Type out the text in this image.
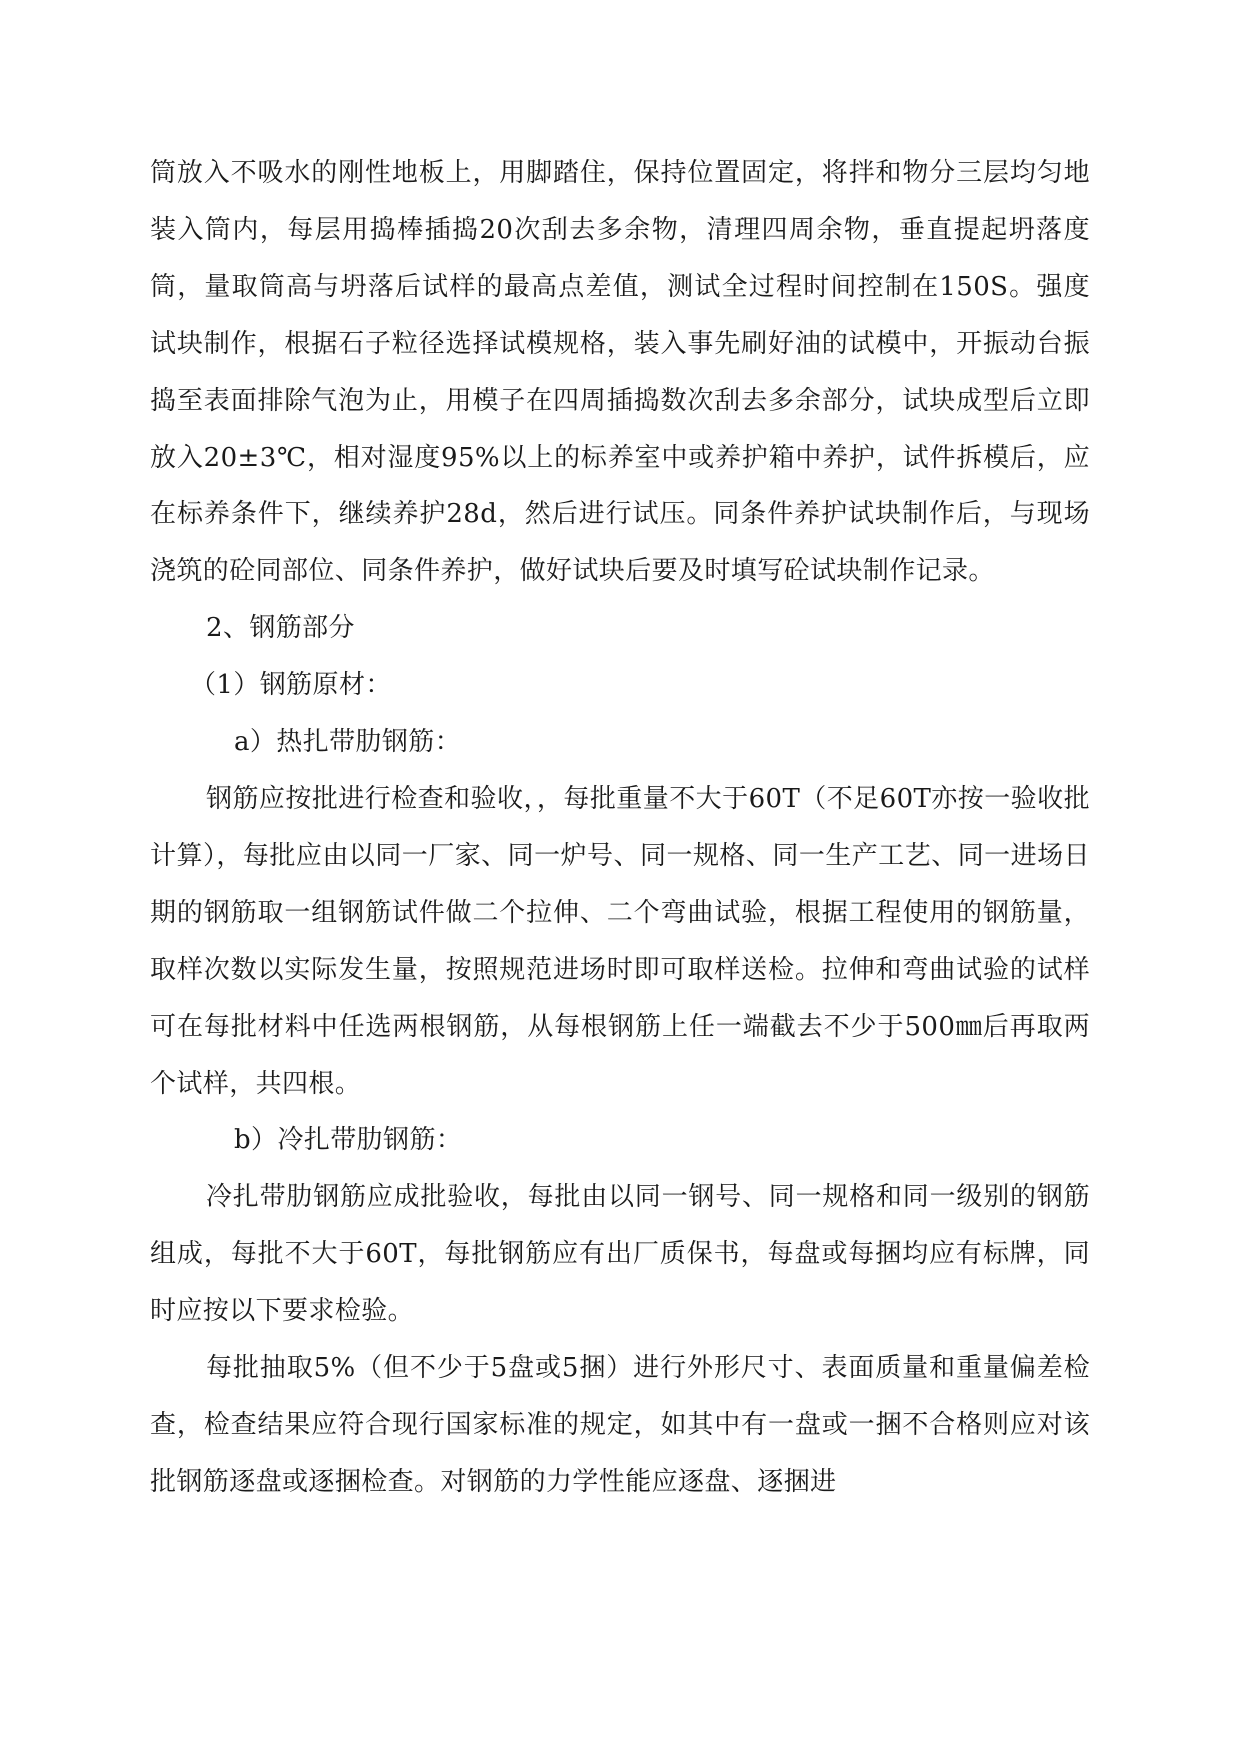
筒放入不吸水的刚性地板上，用脚踏住，保持位置固定，将拌和物分三层均匀地装入筒内，每层用捣棒插捣20次刮去多余物，清理四周余物，垂直提起坍落度筒，量取筒高与坍落后试样的最高点差值，测试全过程时间控制在150S。强度试块制作，根据石子粒径选择试模规格，装入事先刷好油的试模中，开振动台振捣至表面排除气泡为止，用模子在四周插捣数次刮去多余部分，试块成型后立即放入20±3℃，相对湿度95%以上的标养室中或养护箱中养护，试件拆模后，应在标养条件下，继续养护28d，然后进行试压。同条件养护试块制作后，与现场浇筑的砼同部位、同条件养护，做好试块后要及时填写砼试块制作记录。

2、钢筋部分

（1）钢筋原材：

a）热扎带肋钢筋：

钢筋应按批进行检查和验收，，每批重量不大于60T（不足60T亦按一验收批计算），每批应由以同一厂家、同一炉号、同一规格、同一生产工艺、同一进场日期的钢筋取一组钢筋试件做二个拉伸、二个弯曲试验，根据工程使用的钢筋量，取样次数以实际发生量，按照规范进场时即可取样送检。拉伸和弯曲试验的试样可在每批材料中任选两根钢筋，从每根钢筋上任一端截去不少于500㎜后再取两个试样，共四根。

b）冷扎带肋钢筋：

冷扎带肋钢筋应成批验收，每批由以同一钢号、同一规格和同一级别的钢筋组成，每批不大于60T，每批钢筋应有出厂质保书，每盘或每捆均应有标牌，同时应按以下要求检验。

每批抽取5%（但不少于5盘或5捆）进行外形尺寸、表面质量和重量偏差检查，检查结果应符合现行国家标准的规定，如其中有一盘或一捆不合格则应对该批钢筋逐盘或逐捆检查。对钢筋的力学性能应逐盘、逐捆进
